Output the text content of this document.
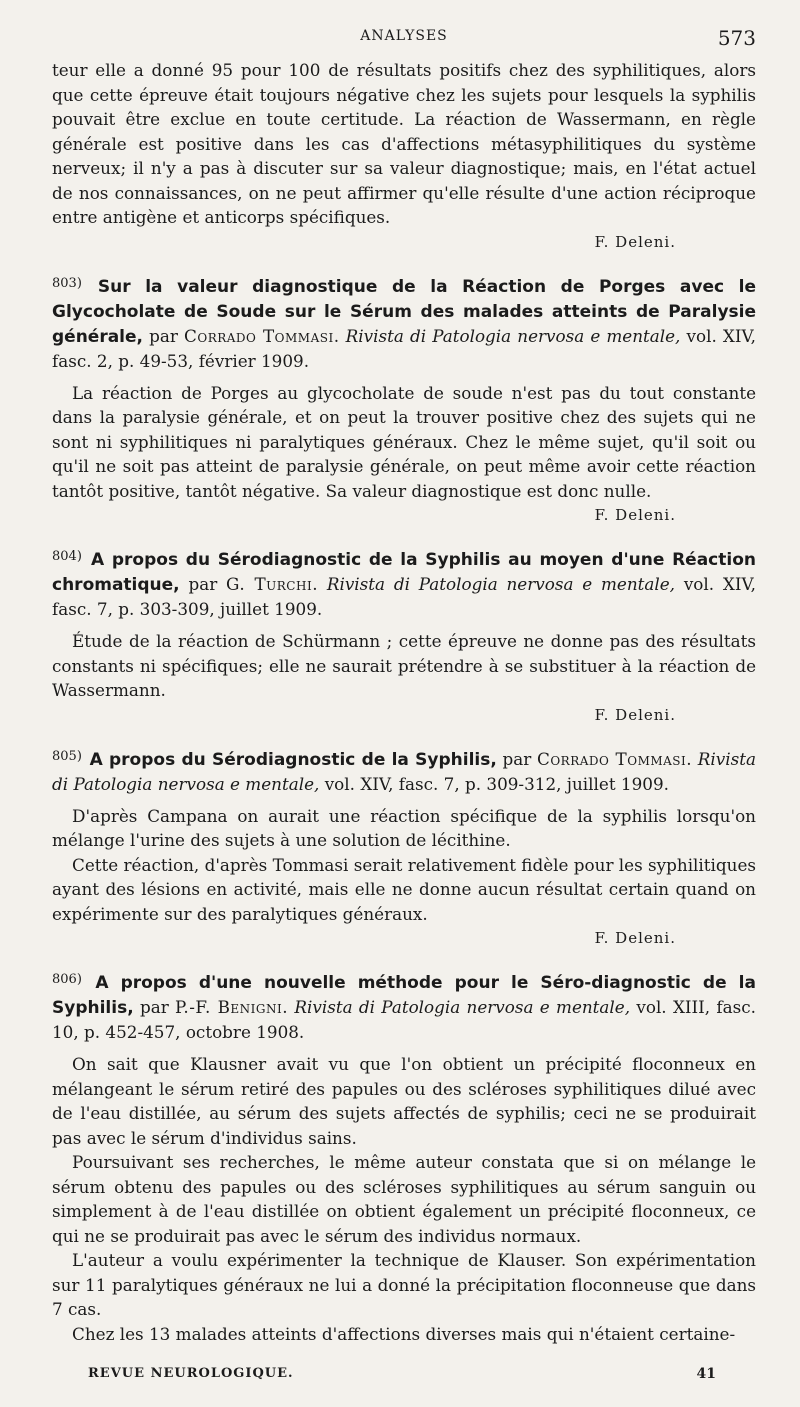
ANALYSES	573

teur elle a donné 95 pour 100 de résultats positifs chez des syphilitiques, alors que cette épreuve était toujours négative chez les sujets pour lesquels la syphilis pouvait être exclue en toute certitude. La réaction de Wassermann, en règle générale est positive dans les cas d'affections métasyphilitiques du système nerveux; il n'y a pas à discuter sur sa valeur diagnostique; mais, en l'état actuel de nos connaissances, on ne peut affirmer qu'elle résulte d'une action réciproque entre antigène et anticorps spécifiques.

F. Deleni.

$^{803)}$ Sur la valeur diagnostique de la Réaction de Porges avec le Glycocholate de Soude sur le Sérum des malades atteints de Paralysie générale, par Corrado Tommasi. Rivista di Patologia nervosa e mentale, vol. XIV, fasc. 2, p. 49-53, février 1909.

La réaction de Porges au glycocholate de soude n'est pas du tout constante dans la paralysie générale, et on peut la trouver positive chez des sujets qui ne sont ni syphilitiques ni paralytiques généraux. Chez le même sujet, qu'il soit ou qu'il ne soit pas atteint de paralysie générale, on peut même avoir cette réaction tantôt positive, tantôt négative. Sa valeur diagnostique est donc nulle.

F. Deleni.

$^{804)}$ A propos du Sérodiagnostic de la Syphilis au moyen d'une Réaction chromatique, par G. Turchi. Rivista di Patologia nervosa e mentale, vol. XIV, fasc. 7, p. 303-309, juillet 1909.

Étude de la réaction de Schürmann ; cette épreuve ne donne pas des résultats constants ni spécifiques; elle ne saurait prétendre à se substituer à la réaction de Wassermann.

F. Deleni.

$^{805)}$ A propos du Sérodiagnostic de la Syphilis, par Corrado Tommasi. Rivista di Patologia nervosa e mentale, vol. XIV, fasc. 7, p. 309-312, juillet 1909.

D'après Campana on aurait une réaction spécifique de la syphilis lorsqu'on mélange l'urine des sujets à une solution de lécithine.

Cette réaction, d'après Tommasi serait relativement fidèle pour les syphilitiques ayant des lésions en activité, mais elle ne donne aucun résultat certain quand on expérimente sur des paralytiques généraux.

F. Deleni.

$^{806)}$ A propos d'une nouvelle méthode pour le Séro-diagnostic de la Syphilis, par P.-F. Benigni. Rivista di Patologia nervosa e mentale, vol. XIII, fasc. 10, p. 452-457, octobre 1908.

On sait que Klausner avait vu que l'on obtient un précipité floconneux en mélangeant le sérum retiré des papules ou des scléroses syphilitiques dilué avec de l'eau distillée, au sérum des sujets affectés de syphilis; ceci ne se produirait pas avec le sérum d'individus sains.

Poursuivant ses recherches, le même auteur constata que si on mélange le sérum obtenu des papules ou des scléroses syphilitiques au sérum sanguin ou simplement à de l'eau distillée on obtient également un précipité floconneux, ce qui ne se produirait pas avec le sérum des individus normaux.

L'auteur a voulu expérimenter la technique de Klauser. Son expérimentation sur 11 paralytiques généraux ne lui a donné la précipitation floconneuse que dans 7 cas.

Chez les 13 malades atteints d'affections diverses mais qui n'étaient certaine-

REVUE NEUROLOGIQUE.	41
